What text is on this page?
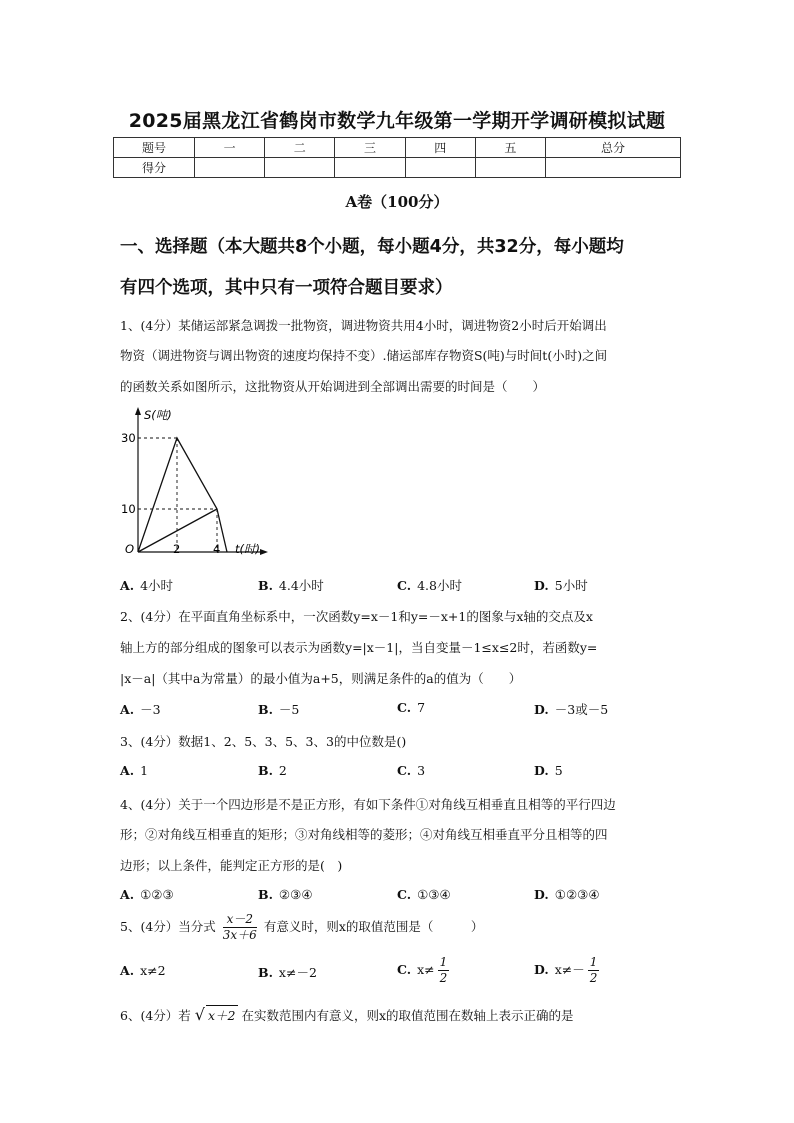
2025届黑龙江省鹤岗市数学九年级第一学期开学调研模拟试题
题号	一	二	三	四	五	总分
得分						
A卷（100分）
一、选择题（本大题共8个小题，每小题4分，共32分，每小题均
有四个选项，其中只有一项符合题目要求）
1、(4分）某储运部紧急调拨一批物资，调进物资共用4小时，调进物资2小时后开始调出
物资（调进物资与调出物资的速度均保持不变）.储运部库存物资S(吨)与时间t(小时)之间
的函数关系如图所示，这批物资从开始调进到全部调出需要的时间是（　　）
S(吨)
t(时)
30
10
O	2	4
A. 4小时	B. 4.4小时	C. 4.8小时	D. 5小时
2、(4分）在平面直角坐标系中，一次函数y=x－1和y=－x+1的图象与x轴的交点及x
轴上方的部分组成的图象可以表示为函数y=|x－1|，当自变量－1≤x≤2时，若函数y=
|x－a|（其中a为常量）的最小值为a+5，则满足条件的a的值为（　　）
A. －3	B. －5	C. 7	D. －3或－5
3、(4分）数据1、2、5、3、5、3、3的中位数是()
A. 1	B. 2	C. 3	D. 5
4、(4分）关于一个四边形是不是正方形，有如下条件①对角线互相垂直且相等的平行四边
形；②对角线互相垂直的矩形；③对角线相等的菱形；④对角线互相垂直平分且相等的四
边形；以上条件，能判定正方形的是(　)
A. ①②③	B. ②③④	C. ①③④	D. ①②③④
5、(4分）当分式 $\frac{x-2}{3x+6}$ 有意义时，则x的取值范围是（　　　）
A. x≠2	B. x≠－2	C. $x\ne \frac{1}{2}$	D. $x\ne- \frac{1}{2}$
6、(4分）若 √ x＋2 在实数范围内有意义，则x的取值范围在数轴上表示正确的是
